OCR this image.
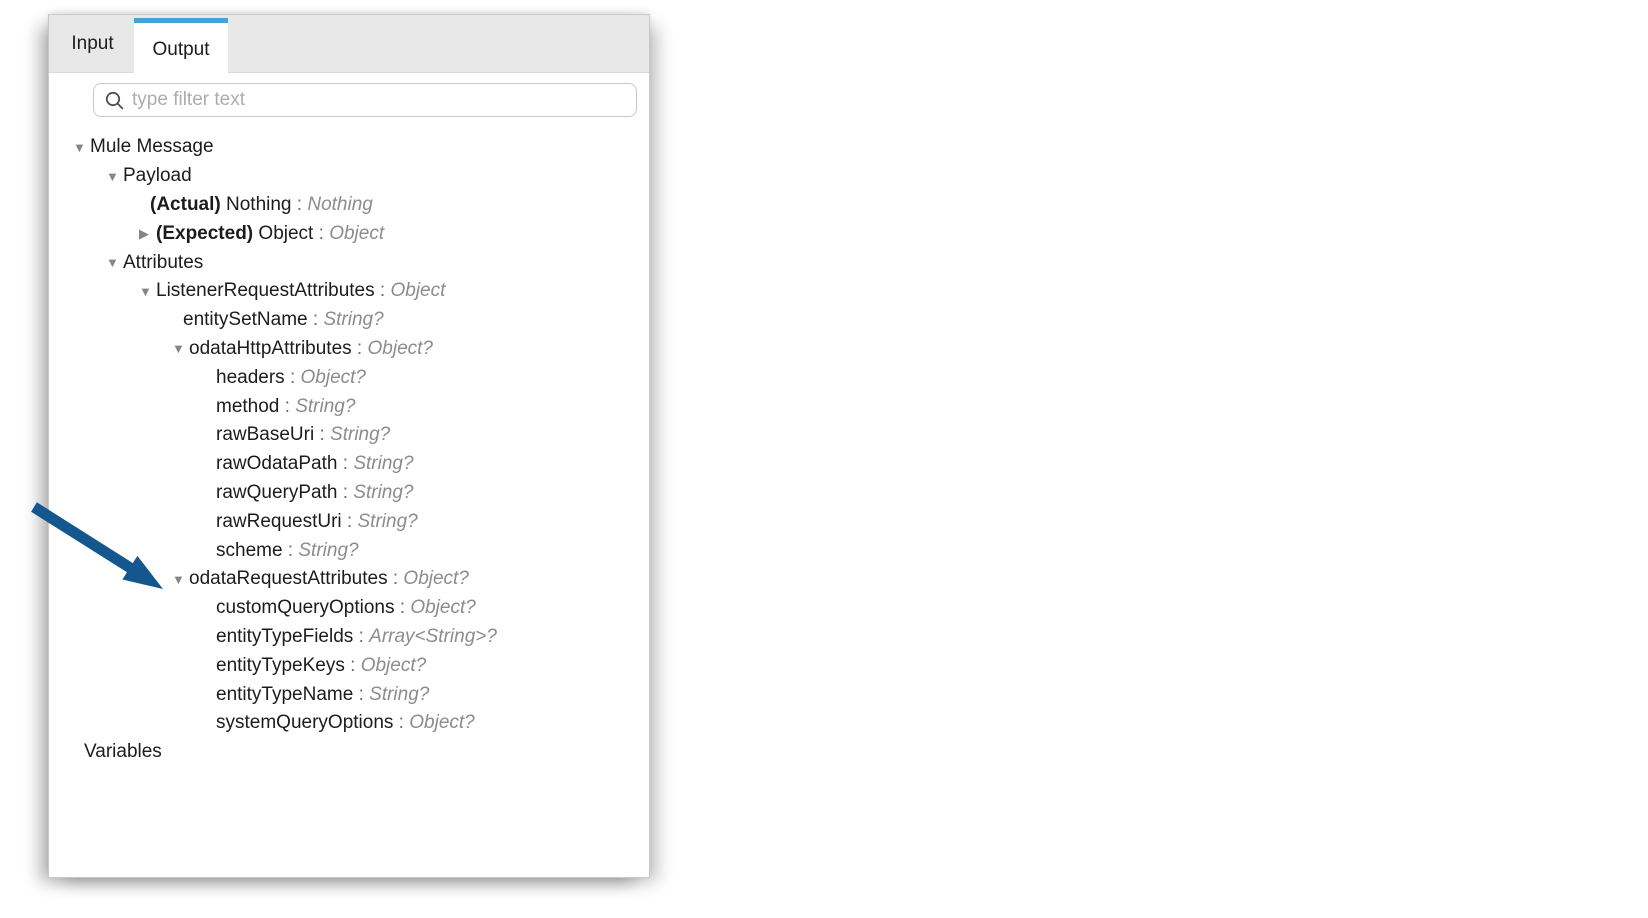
Input Output
type filter text
▼ Mule Message
▼ Payload
(Actual) Nothing : Nothing
▶ (Expected) Object : Object
▼ Attributes
▼ ListenerRequestAttributes : Object
entitySetName : String?
▼ odataHttpAttributes : Object?
headers : Object?
method : String?
rawBaseUri : String?
rawOdataPath : String?
rawQueryPath : String?
rawRequestUri : String?
scheme : String?
▼ odataRequestAttributes : Object?
customQueryOptions : Object?
entityTypeFields : Array<String>?
entityTypeKeys : Object?
entityTypeName : String?
systemQueryOptions : Object?
Variables
